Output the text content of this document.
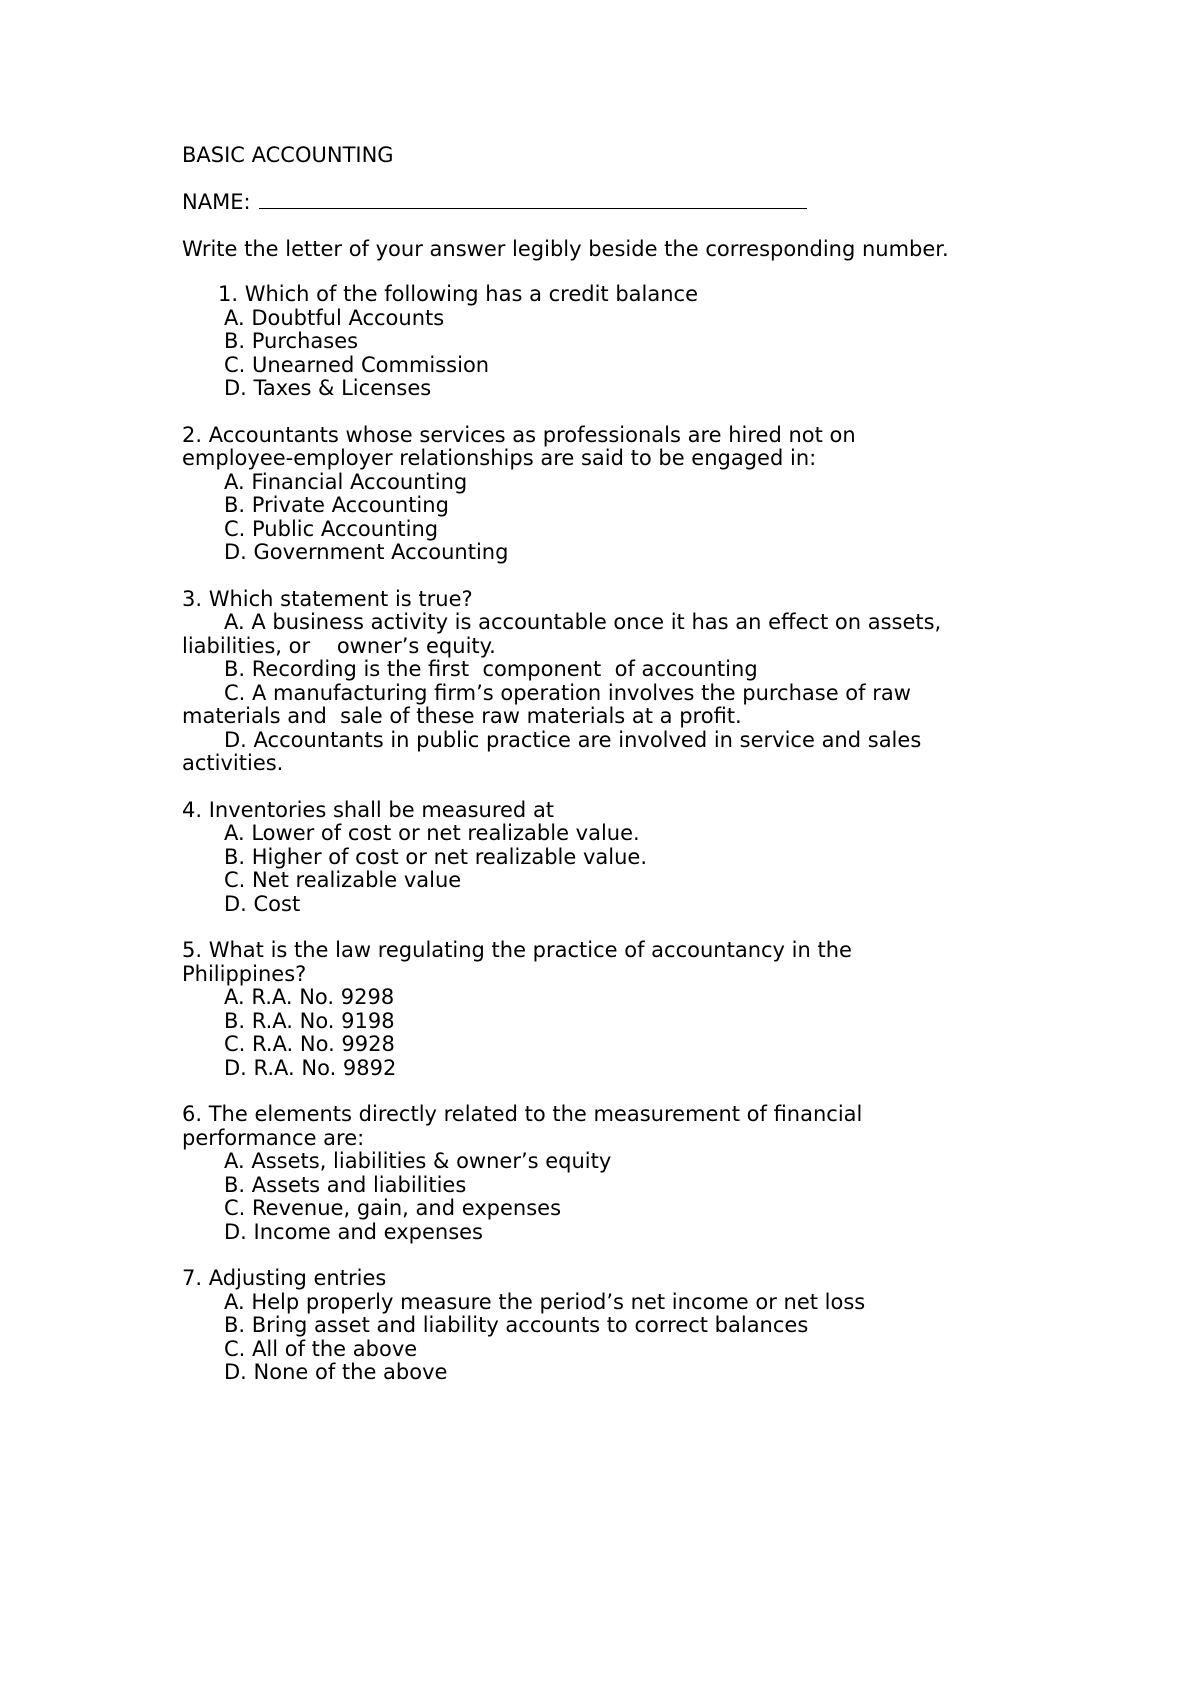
BASIC ACCOUNTING
NAME:
Write the letter of your answer legibly beside the corresponding number.
1. Which of the following has a credit balance
A. Doubtful Accounts
B. Purchases
C. Unearned Commission
D. Taxes & Licenses
2. Accountants whose services as professionals are hired not on
employee-employer relationships are said to be engaged in:
A. Financial Accounting
B. Private Accounting
C. Public Accounting
D. Government Accounting
3. Which statement is true?
A. A business activity is accountable once it has an effect on assets,
liabilities, or    owner’s equity.
B. Recording is the first  component  of accounting
C. A manufacturing firm’s operation involves the purchase of raw
materials and  sale of these raw materials at a profit.
D. Accountants in public practice are involved in service and sales
activities.
4. Inventories shall be measured at
A. Lower of cost or net realizable value.
B. Higher of cost or net realizable value.
C. Net realizable value
D. Cost
5. What is the law regulating the practice of accountancy in the
Philippines?
A. R.A. No. 9298
B. R.A. No. 9198
C. R.A. No. 9928
D. R.A. No. 9892
6. The elements directly related to the measurement of financial
performance are:
A. Assets, liabilities & owner’s equity
B. Assets and liabilities
C. Revenue, gain, and expenses
D. Income and expenses
7. Adjusting entries
A. Help properly measure the period’s net income or net loss
B. Bring asset and liability accounts to correct balances
C. All of the above
D. None of the above
